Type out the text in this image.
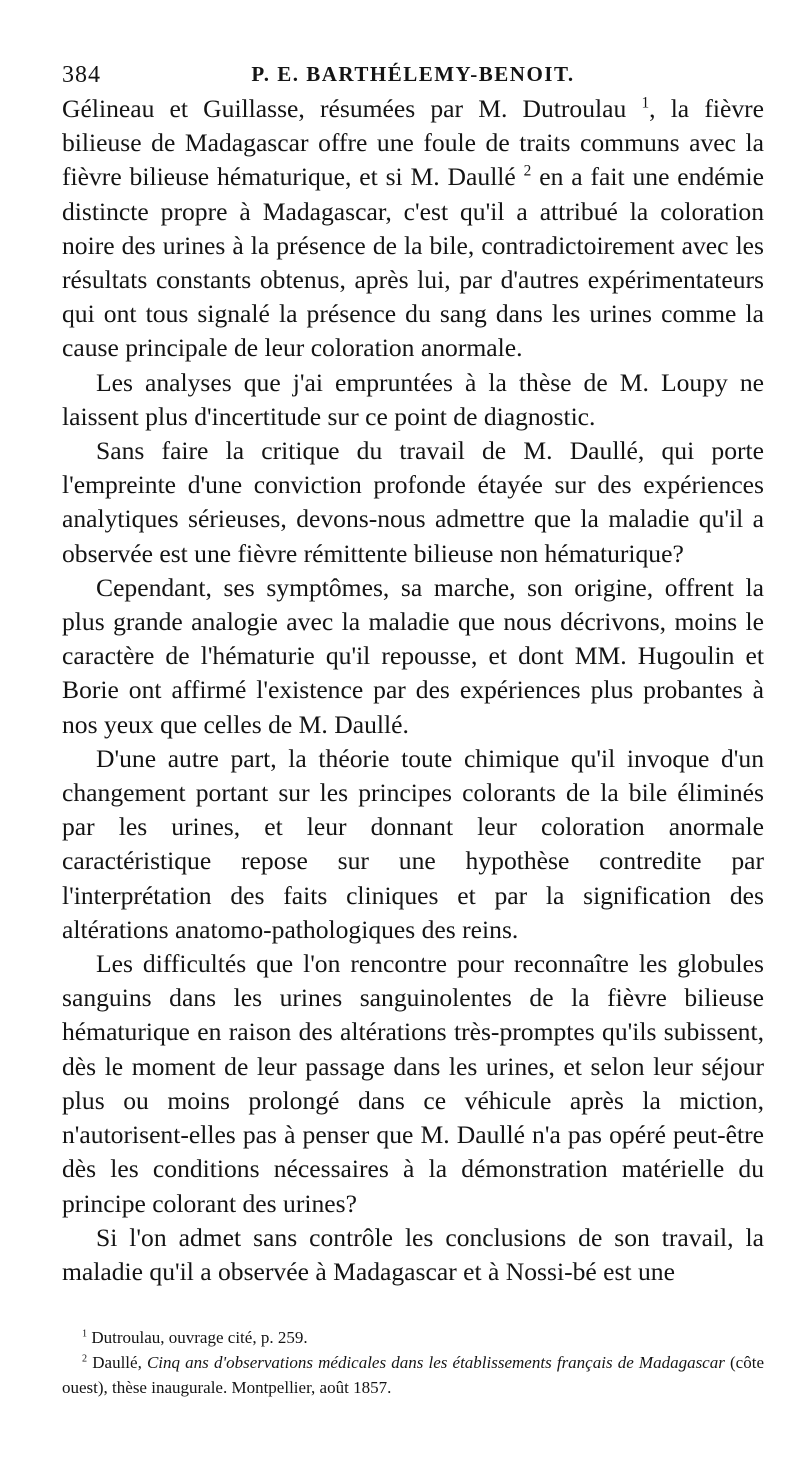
384	P. E. BARTHÉLEMY-BENOIT.

Gélineau et Guillasse, résumées par M. Dutroulau $^1$, la fièvre bilieuse de Madagascar offre une foule de traits communs avec la fièvre bilieuse hématurique, et si M. Daullé $^2$ en a fait une endémie distincte propre à Madagascar, c'est qu'il a attribué la coloration noire des urines à la présence de la bile, contradictoirement avec les résultats constants obtenus, après lui, par d'autres expérimentateurs qui ont tous signalé la présence du sang dans les urines comme la cause principale de leur coloration anormale.

Les analyses que j'ai empruntées à la thèse de M. Loupy ne laissent plus d'incertitude sur ce point de diagnostic.

Sans faire la critique du travail de M. Daullé, qui porte l'empreinte d'une conviction profonde étayée sur des expériences analytiques sérieuses, devons-nous admettre que la maladie qu'il a observée est une fièvre rémittente bilieuse non hématurique?

Cependant, ses symptômes, sa marche, son origine, offrent la plus grande analogie avec la maladie que nous décrivons, moins le caractère de l'hématurie qu'il repousse, et dont MM. Hugoulin et Borie ont affirmé l'existence par des expériences plus probantes à nos yeux que celles de M. Daullé.

D'une autre part, la théorie toute chimique qu'il invoque d'un changement portant sur les principes colorants de la bile éliminés par les urines, et leur donnant leur coloration anormale caractéristique repose sur une hypothèse contredite par l'interprétation des faits cliniques et par la signification des altérations anatomo-pathologiques des reins.

Les difficultés que l'on rencontre pour reconnaître les globules sanguins dans les urines sanguinolentes de la fièvre bilieuse hématurique en raison des altérations très-promptes qu'ils subissent, dès le moment de leur passage dans les urines, et selon leur séjour plus ou moins prolongé dans ce véhicule après la miction, n'autorisent-elles pas à penser que M. Daullé n'a pas opéré peut-être dès les conditions nécessaires à la démonstration matérielle du principe colorant des urines?

Si l'on admet sans contrôle les conclusions de son travail, la maladie qu'il a observée à Madagascar et à Nossi-bé est une

$^1$ Dutroulau, ouvrage cité, p. 259.

$^2$ Daullé, Cinq ans d'observations médicales dans les établissements français de Madagascar (côte ouest), thèse inaugurale. Montpellier, août 1857.
